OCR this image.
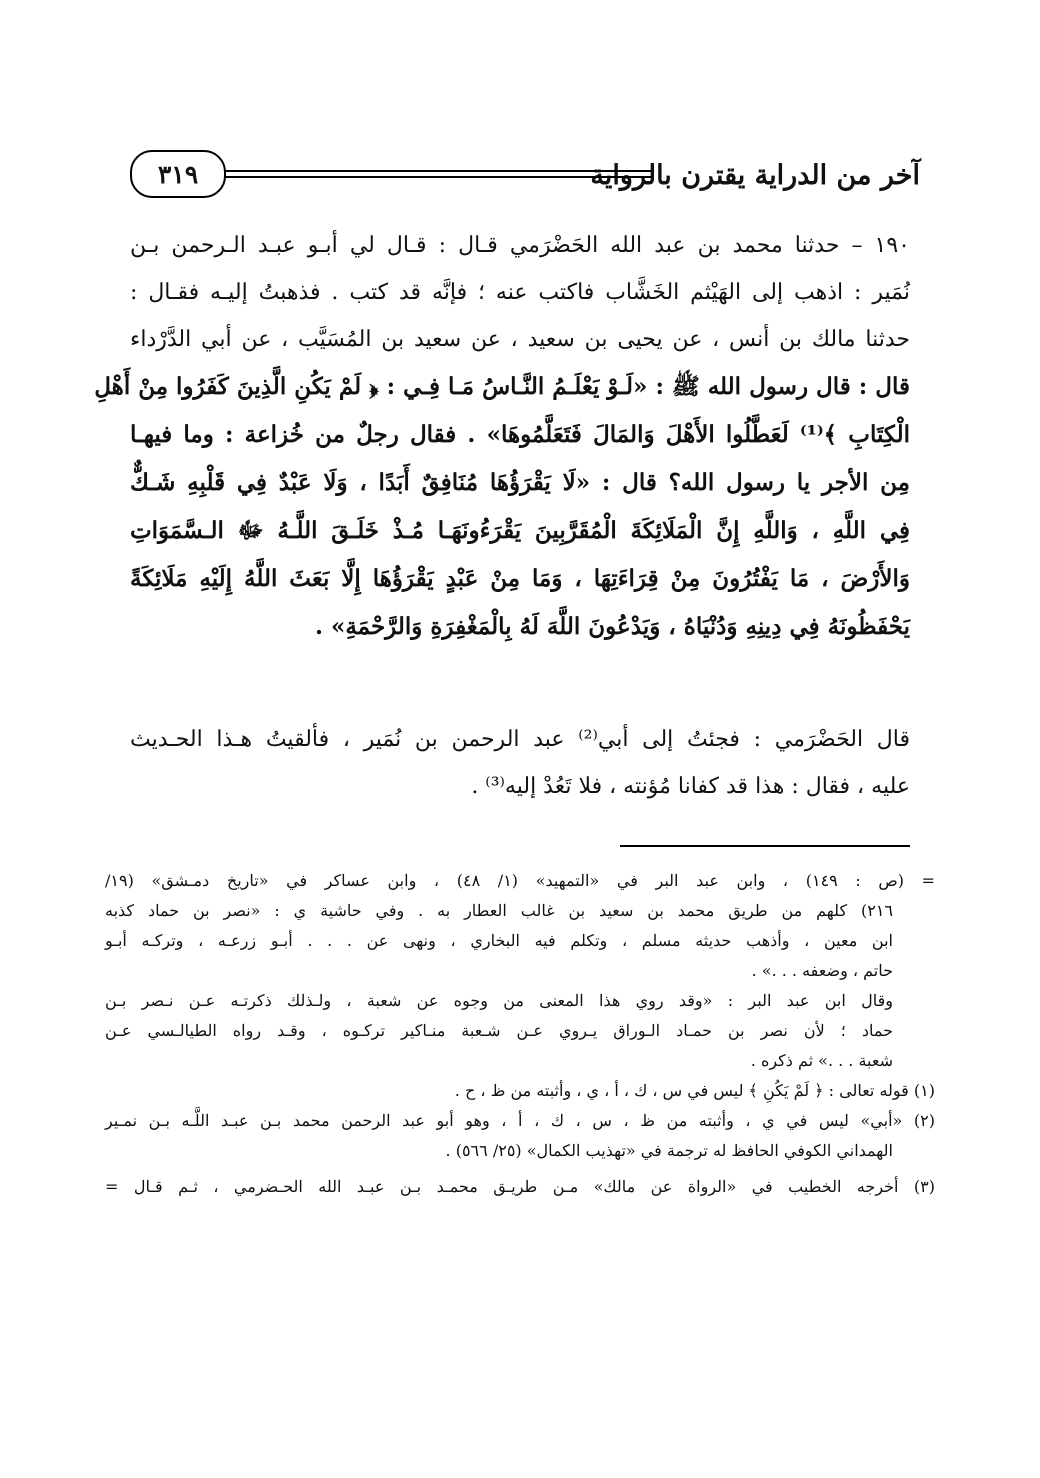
آخر من الدراية يقترن بالرواية
٣١٩
١٩٠ – حدثنا محمد بن عبد الله الحَضْرَمي قـال : قـال لي أبـو عبـد الـرحمن بـن
نُمَير : اذهب إلى الهَيْثم الخَشَّاب فاكتب عنه ؛ فإنَّه قد كتب . فذهبتُ إليـه فقـال :
حدثنا مالك بن أنس ، عن يحيى بن سعيد ، عن سعيد بن المُسَيَّب ، عن أبي الدَّرْداء
قال : قال رسول الله ﷺ : «لَـوْ يَعْلَـمُ النَّـاسُ مَـا فِـي : ﴿ لَمْ يَكُنِ الَّذِينَ كَفَرُوا مِنْ أَهْلِ
الْكِتَابِ ﴾⁽¹⁾ لَعَطَّلُوا الأَهْلَ وَالمَالَ فَتَعَلَّمُوهَا» . فقال رجلٌ من خُزاعة : وما فيهـا
مِن الأجر يا رسول الله؟ قال : «لَا يَقْرَؤُهَا مُنَافِقٌ أَبَدًا ، وَلَا عَبْدٌ فِي قَلْبِهِ شَـكٌّ
فِي اللَّهِ ، وَاللَّهِ إِنَّ الْمَلَائِكَةَ الْمُقَرَّبِينَ يَقْرَءُونَهَـا مُـذْ خَلَـقَ اللَّـهُ ﷻ الـسَّمَوَاتِ
وَالأَرْضَ ، مَا يَفْتُرُونَ مِنْ قِرَاءَتِهَا ، وَمَا مِنْ عَبْدٍ يَقْرَؤُهَا إِلَّا بَعَثَ اللَّهُ إِلَيْهِ مَلَائِكَةً
يَحْفَظُونَهُ فِي دِينِهِ وَدُنْيَاهُ ، وَيَدْعُونَ اللَّهَ لَهُ بِالْمَغْفِرَةِ وَالرَّحْمَةِ» .
قال الحَضْرَمي : فجئتُ إلى أبي⁽²⁾ عبد الرحمن بن نُمَير ، فألقيتُ هـذا الحـديث
عليه ، فقال : هذا قد كفانا مُؤنته ، فلا تَعُدْ إليه⁽³⁾ .
= (ص : ١٤٩) ، وابن عبد البر في «التمهيد» (١/ ٤٨) ، وابن عساكر في «تاريخ دمـشق» (١٩/
٢١٦) كلهم من طريق محمد بن سعيد بن غالب العطار به . وفي حاشية ي : «نصر بن حماد كذبه
ابن معين ، وأذهب حديثه مسلم ، وتكلم فيه البخاري ، ونهى عن . . . أبـو زرعـه ، وتركـه أبـو
حاتم ، وضعفه . . .» .
وقال ابن عبد البر : «وقد روي هذا المعنى من وجوه عن شعبة ، ولـذلك ذكرتـه عـن نـصر بـن
حماد ؛ لأن نصر بن حمـاد الـوراق يـروي عـن شـعبة منـاكير تركـوه ، وقـد رواه الطيالـسي عـن
شعبة . . .» ثم ذكره .
(١) قوله تعالى : ﴿ لَمْ يَكُنِ ﴾ ليس في س ، ك ، أ ، ي ، وأثبته من ظ ، ح .
(٢) «أبي» ليس في ي ، وأثبته من ظ ، س ، ك ، أ ، وهو أبو عبد الرحمن محمد بـن عبـد اللَّـه بـن نمـير
الهمداني الكوفي الحافظ له ترجمة في «تهذيب الكمال» (٢٥/ ٥٦٦) .
(٣) أخرجه الخطيب في «الرواة عن مالك» مـن طريـق محمـد بـن عبـد الله الحـضرمي ، ثـم قـال =
